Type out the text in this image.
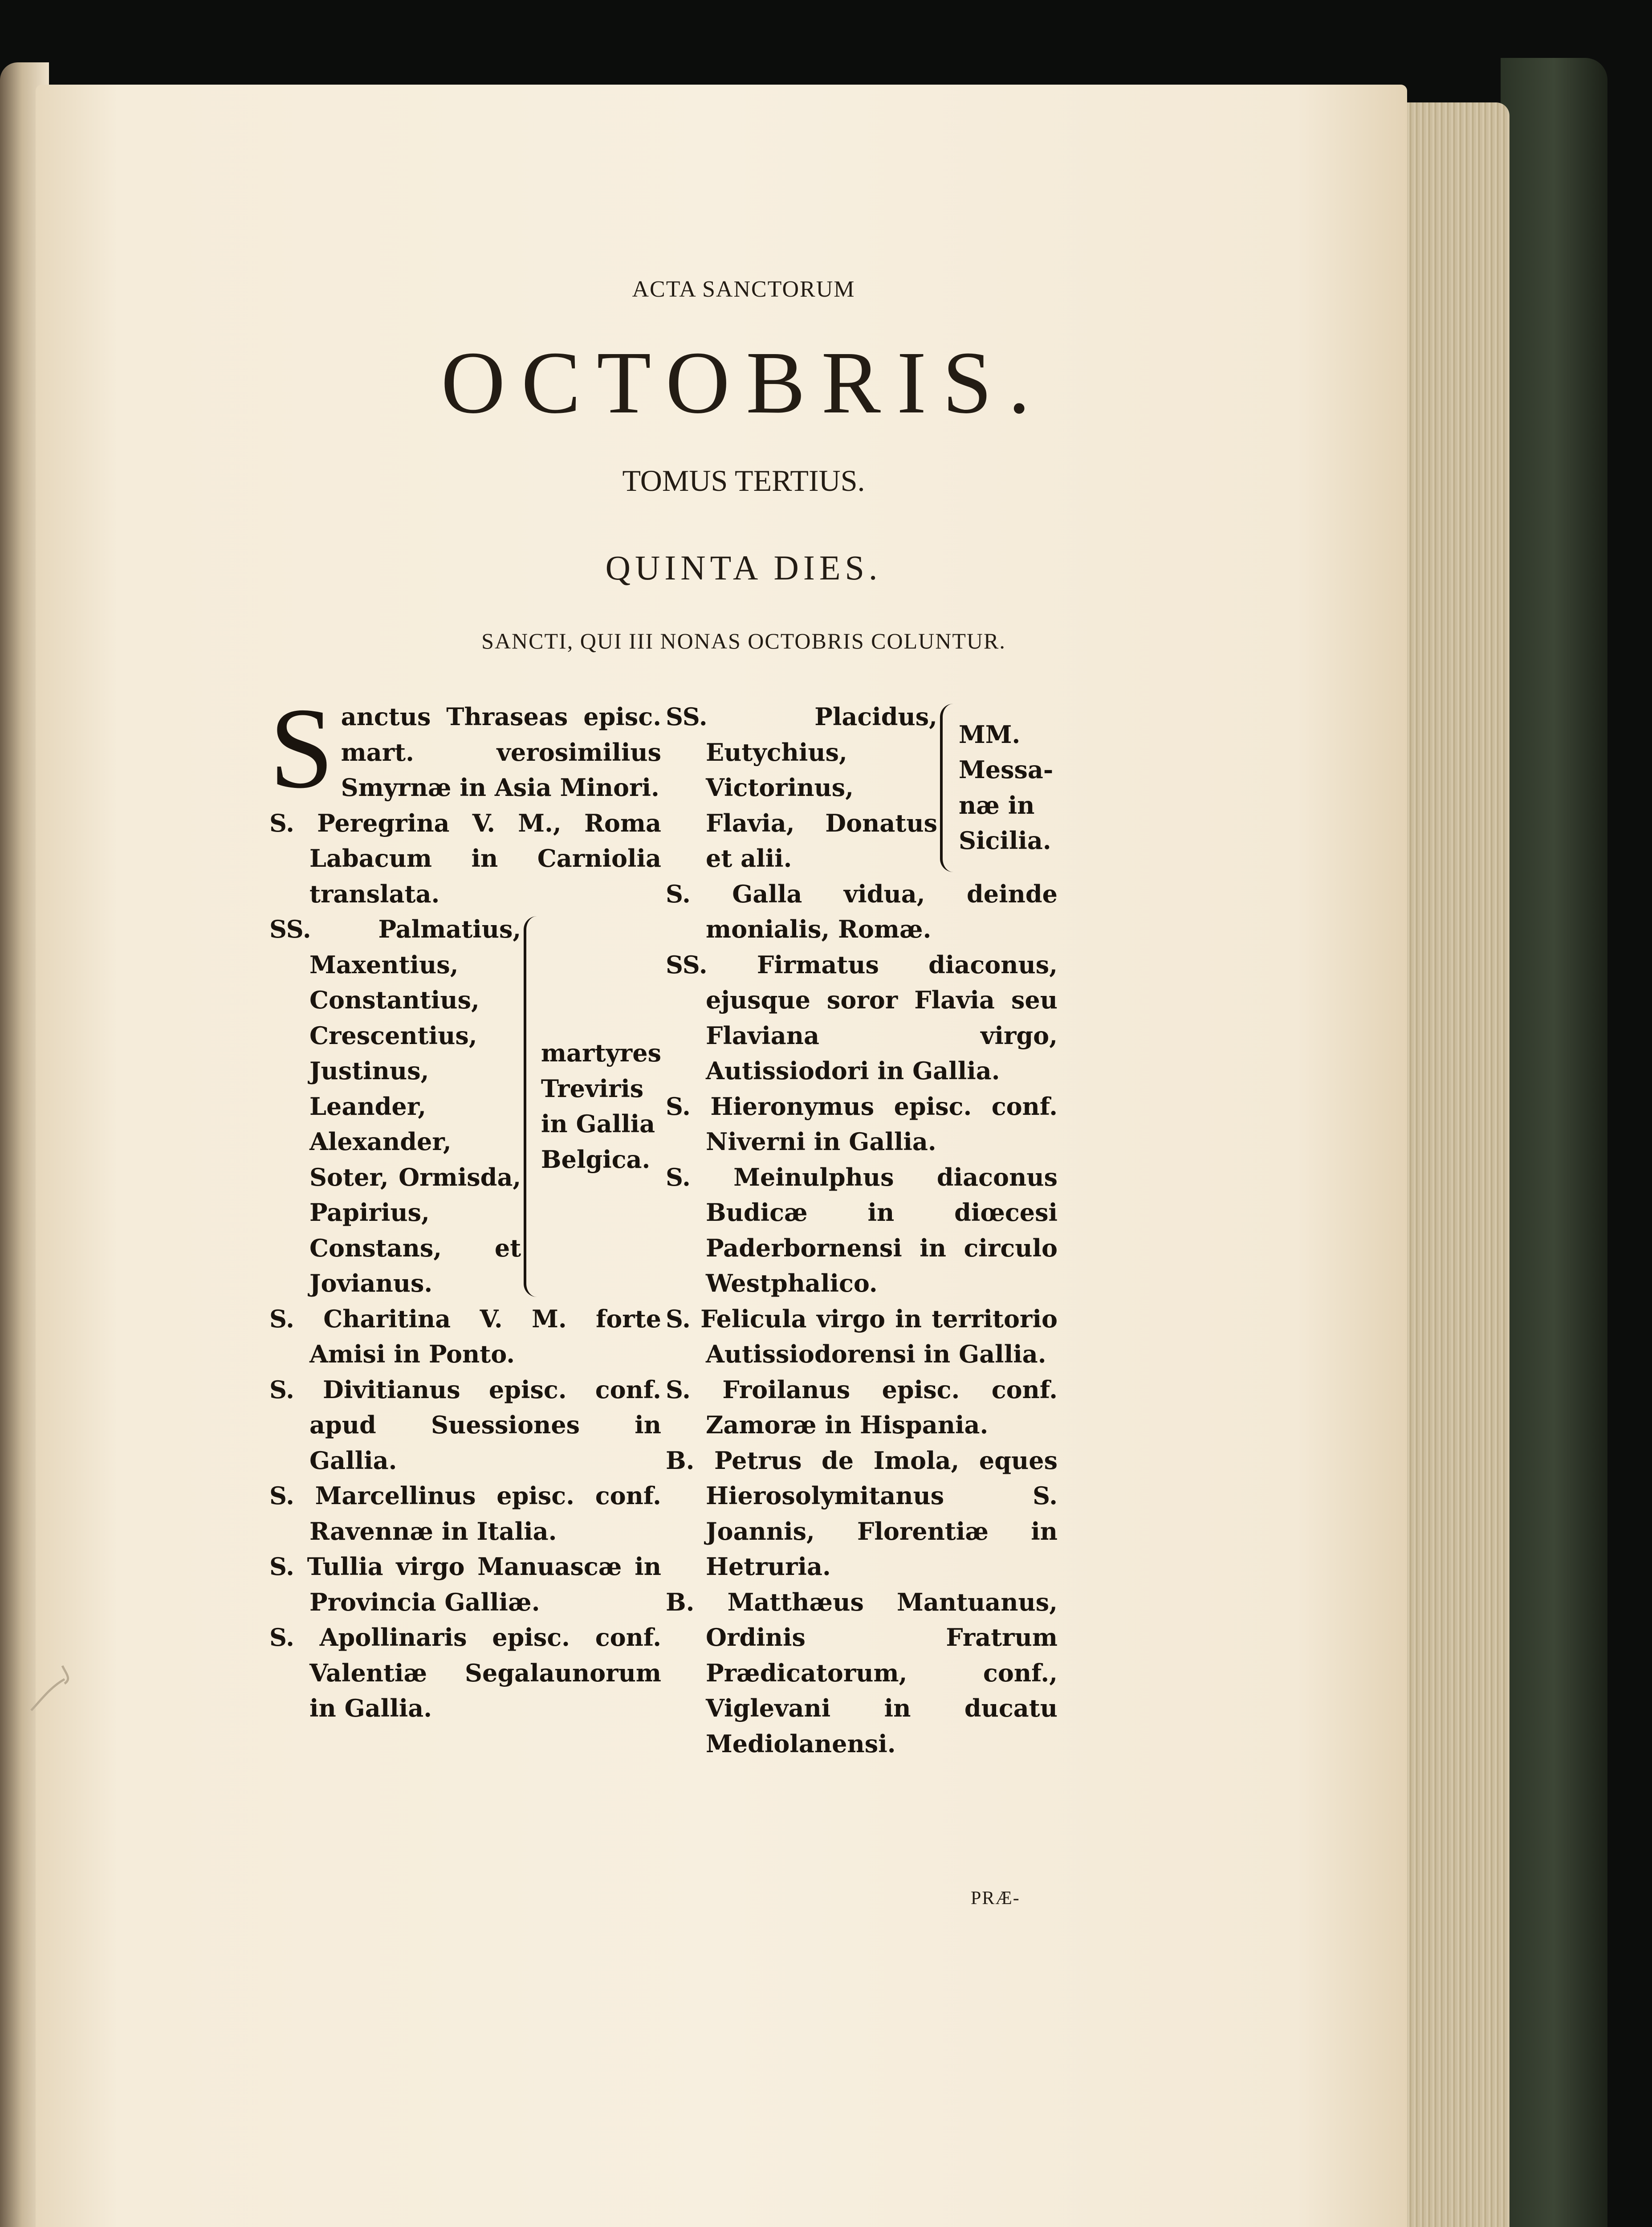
ACTA SANCTORUM
OCTOBRIS.
TOMUS TERTIUS.
QUINTA DIES.
SANCTI, QUI III NONAS OCTOBRIS COLUNTUR.

S anctus Thraseas episc. mart. verosimilius Smyrnæ in Asia Minori.

S. Peregrina V. M., Roma Labacum in Carniolia translata.

SS. Palmatius, Maxentius, Constantius, Crescentius, Justinus, Leander, Alexander, Soter, Ormisda, Papirius, Constans, et Jovianus.
martyres
Treviris
in Gallia
Belgica.

S. Charitina V. M. forte Amisi in Ponto.

S. Divitianus episc. conf. apud Suessiones in Gallia.

S. Marcellinus episc. conf. Ravennæ in Italia.

S. Tullia virgo Manuascæ in Provincia Galliæ.

S. Apollinaris episc. conf. Valentiæ Segalaunorum in Gallia.

SS. Placidus, Eutychius, Victorinus, Flavia, Donatus et alii.
MM.
Messa-
næ in
Sicilia.

S. Galla vidua, deinde monialis, Romæ.

SS. Firmatus diaconus, ejusque soror Flavia seu Flaviana virgo, Autissiodori in Gallia.

S. Hieronymus episc. conf. Niverni in Gallia.

S. Meinulphus diaconus Budicæ in diœcesi Paderbornensi in circulo Westphalico.

S. Felicula virgo in territorio Autissiodorensi in Gallia.

S. Froilanus episc. conf. Zamoræ in Hispania.

B. Petrus de Imola, eques Hierosolymitanus S. Joannis, Florentiæ in Hetruria.

B. Matthæus Mantuanus, Ordinis Fratrum Prædicatorum, conf., Viglevani in ducatu Mediolanensi.

PRÆ-
